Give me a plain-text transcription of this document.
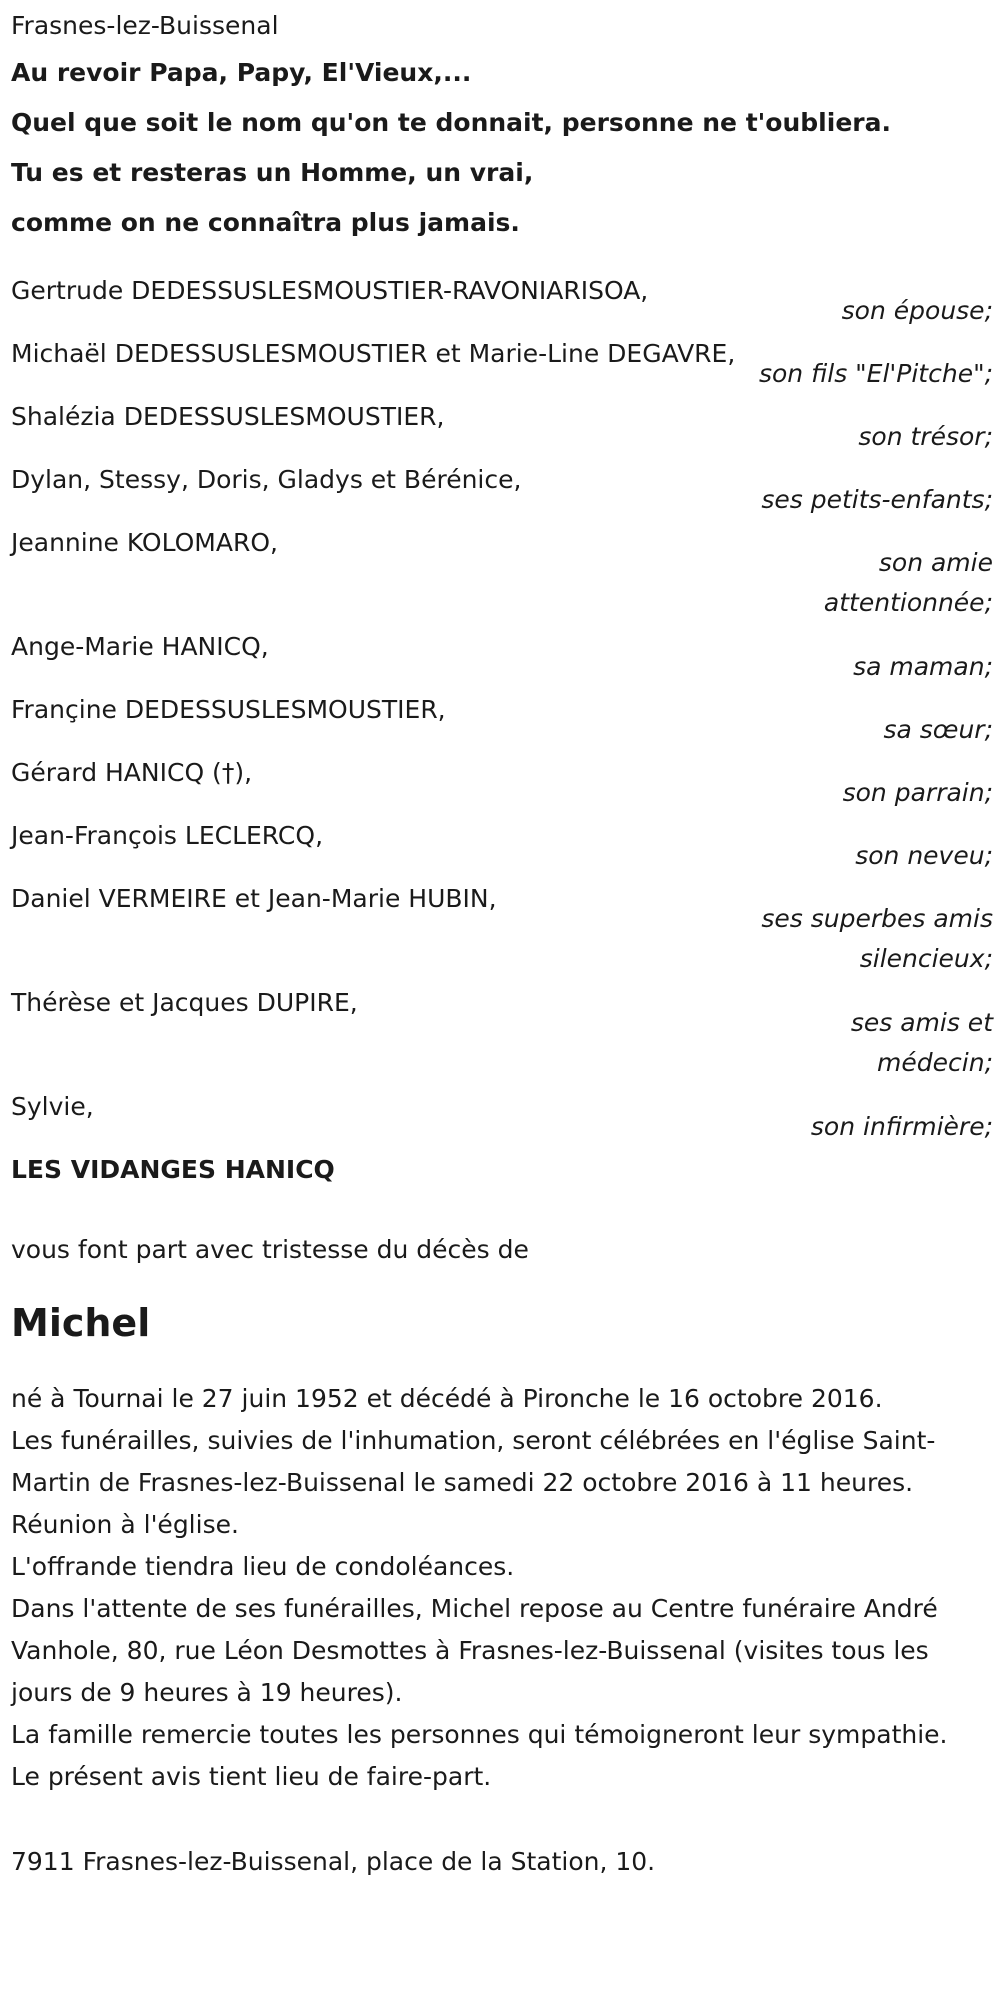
Frasnes-lez-Buissenal

Au revoir Papa, Papy, El'Vieux,...

Quel que soit le nom qu'on te donnait, personne ne t'oubliera.

Tu es et resteras un Homme, un vrai,

comme on ne connaîtra plus jamais.

Gertrude DEDESSUSLESMOUSTIER-RAVONIARISOA,
son épouse;
Michaël DEDESSUSLESMOUSTIER et Marie-Line DEGAVRE,
son fils "El'Pitche";
Shalézia DEDESSUSLESMOUSTIER,
son trésor;
Dylan, Stessy, Doris, Gladys et Bérénice,
ses petits-enfants;
Jeannine KOLOMARO,
son amie
attentionnée;
Ange-Marie HANICQ,
sa maman;
Françine DEDESSUSLESMOUSTIER,
sa sœur;
Gérard HANICQ (†),
son parrain;
Jean-François LECLERCQ,
son neveu;
Daniel VERMEIRE et Jean-Marie HUBIN,
ses superbes amis
silencieux;
Thérèse et Jacques DUPIRE,
ses amis et
médecin;
Sylvie,
son infirmière;
LES VIDANGES HANICQ

vous font part avec tristesse du décès de

Michel

né à Tournai le 27 juin 1952 et décédé à Pironche le 16 octobre 2016.

Les funérailles, suivies de l'inhumation, seront célébrées en l'église Saint-Martin de Frasnes-lez-Buissenal le samedi 22 octobre 2016 à 11 heures.

Réunion à l'église.

L'offrande tiendra lieu de condoléances.

Dans l'attente de ses funérailles, Michel repose au Centre funéraire André Vanhole, 80, rue Léon Desmottes à Frasnes-lez-Buissenal (visites tous les jours de 9 heures à 19 heures).

La famille remercie toutes les personnes qui témoigneront leur sympathie.

Le présent avis tient lieu de faire-part.

7911 Frasnes-lez-Buissenal, place de la Station, 10.
